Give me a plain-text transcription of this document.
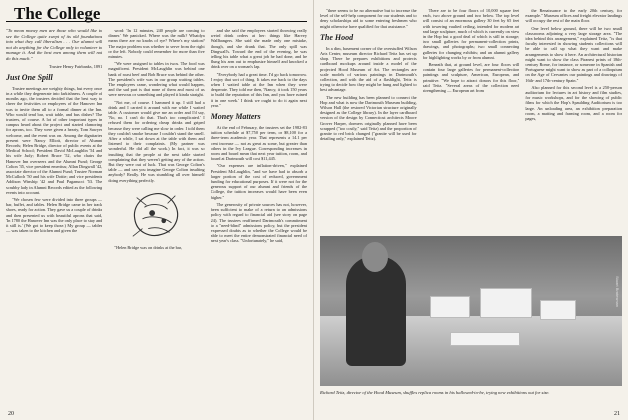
The College

"To mean money men are those who would like to see the College quite swept of its old foundations into what they call liberalism . . . Our alumni will not do anything for the College only to volunteer to manage it. And the best men among them will not do this much."

Trustee Henry Fairbanks, 1891

Just One Spill

Trustee meetings are weighty things, but every once in a while they degenerate into farkishness. A couple of months ago, the trustees decided that the best way to cheer the festivities or employees of the Hanover Inn was to invite them all to a formal dinner at the Inn. Who would tend bar, wait table, and bus dishes? The trustees, of course. A lot of other important types in campus heard about the project and started clamoring for aprons, too. They were given a hearty, Tom Sawyer welcome, and the event was on. Among the dignitaries present were Nancy Elliott, director of Alumni Records; Helen Bridge, director of public events at the Medical School; President David McLaughlin '54 and his wife Judy; Robert Bruce '52, who chairs the Hanover Inn overseers and the Alumni Fund; George Colton '35, vice president emeritus; Allan Dingwall '42, associate director of the Alumni Fund; Trustee Norman McCulloch '50 and his wife Dottie; and vice presidents Addison Winship '42 and Paul Paganucci '53. The scrubby lady in Alumni Records edited as the following events into account.

"We chosen few were divided into three groups — bar, buffet, and tables. Helen Bridge came in her track shoes, ready for action. They gave us a couple of drinks and then presented us with beautiful aprons that said, 'In 1780 the Hanover Inn was the only place to stay and it still is.' (We got to keep those.) My group — tables — was taken to the kitchen and given the

word: 'In 12 minutes, 240 people are coming to dinner.' We panicked. Where was the milk? Whatdya mean there are no knobs of rye? Where's my station? The major problem was whether to serve from the right or the left. Nobody could remember for more than five minutes.

"We were assigned to tables in twos. The food was magnificent. President McLaughlin was behind one bank of roast beef and Bob Bruce was behind the other. The president's wife was in our group waiting tables. The employees came, wondering what would happen, and the sad part is that none of them and most of us were nervous or something and played it kinda straight.

"Not me, of course. I hammed it up. I still had a drink and I carried it around with me while I waited table. A customer would give me an order and I'd say, 'No, no. I can't do that. That's too complicated.' I refused them for ordering cheap drinks and griped because they were calling me slow in order. I told them they couldn't smoke because I couldn't stand the smell. After a while, I sat down at the table with them and listened to their complaints. (My partner was wonderful. He did all the work.) In fact, it was so insulting that the people at the next table started complaining that they weren't getting any of the action. But they were out of luck. That was George Colton's table — and can you imagine George Colton insulting anybody? Really. He was stumbling all over himself doing everything perfectly.

"Helen Bridge was on drinks at the bar,

and she said the employees started throwing really weird drink orders at her: things like Harvey Wallbangers. She said she made only one mistake, though, and she drank that. The only spill was Dingwall's. Toward the end of the evening, he was telling his table what a great job he had done, and he flung his arm out to emphasize himself and knocked a drink over on a woman's lap.

"Everybody had a great time. I'd go back tomorrow. I enjoy that sort of thing. It takes me back to the days when I waited table at the Inn when they were desperate. They told me then, 'Nancy, it took 150 years to build the reputation of this Inn, and you have ruined it in one week.' I think we ought to do it again next year."

Money Matters

At the end of February, the trustees set the 1982-83 tuition schedule at $7,750 per term, or $8,100 for a three-term academic year. That represents a 14.1 per cent increase — not as great as some, but greater than others in the Ivy League. Corresponding increases in room and board mean that next year tuition, room, and board at Dartmouth will cost $11,445.

"Our expenses are inflation-driven," explained President McLaughlin, "and we have had to absorb a larger portion of the cost of reduced, government funding for educational purposes. If it were not for the generous support of our alumni and friends of the College, the tuition increases would have been even higher."

The generosity of private sources has not, however, been sufficient to make of a return to an admissions policy with regard to financial aid (see story on page 24). The trustees reaffirmed Dartmouth's commitment to a "need-blind" admissions policy, but the president expressed doubts as to whether the College would be able to meet the entire demonstrated financial need of next year's class. "Unfortunately," he said,

20

"there seems to be no alternative but to increase the level of the self-help component for our students and to deny scholarships aid to some entering freshmen who might otherwise have qualified for that assistance."

The Hood

In a dim, basement corner of the overstuffed Wilson Arts Center, museum director Richard Teitz has set up shop. There he prepares exhibitions and protects cardboard mockups around inside a model of the projected Hood Museum of Art. The rectangles are scale models of various paintings in Dartmouth's collection, and with the aid of a flashlight, Teitz is trying to decide how they might be hung and lighted to best advantage.

The new building has been planned to connect the Hop and what is now the Dartmouth Museum building, Wilson Hall (the restored Victorian structure originally designed as the College library). In the layer cardboard version of the design by Connecticut architects Moore Grover Harper, dormers originally planned have been scrapped ("too costly," said Teitz) and the proportion of granite to red brick changed ("granite will be used for detailing only," explained Teitz).

There are to be four floors of 10,000 square feet each, two above ground and two below. The top level will consist of an enormous gallery 30 feet by 65 feet with towering vaulted ceiling, intended for modern art and large sculpture, much of which is currently on view in the Hop but a good deal of which is still in storage; two small galleries for permanent-collection prints, drawings, and photographs; two small connecting galleries for changing exhibits; and an alumni gallery for highlighting works by or from alumni.

Beneath that, at ground level, are four floors will contain four large galleries for permanent-collection paintings and sculpture, American, European, and primitive. "We hope to attract donors for this floor," said Teitz. "Several areas of the collection need strengthening — European art from

the Renaissance to the early 20th century, for example." Museum offices and freight elevator landings will occupy the rest of the main floor.

One level below ground, there will be two small classrooms adjoining a very large storage area. "The idea behind this arrangement," explained Teitz, "is that faculty interested in showing students collections will be able to call up what they want and make arrangements to show it here. An architectural historian might want to show the class Piranesi prints of 18th-century Rome, for instance, or someone in Spanish and Portuguese might want to show as part of a colloquium on the Age of Cervantes our paintings and drawings of 16th- and 17th-century Spain."

Also planned for this second level is a 250-person auditorium for lectures in art history and film studies, for music workshops, and for the showing of public films for which the Hop's Spaulding Auditorium is too large. An unloading area, an exhibition preparation room, a matting and framing room, and a room for pages,

Stuart Bratesman
Richard Teitz, director of the Hood Museum, shuffles replica rooms in his hallowed-to-be, trying new exhibitions out for size.
21
